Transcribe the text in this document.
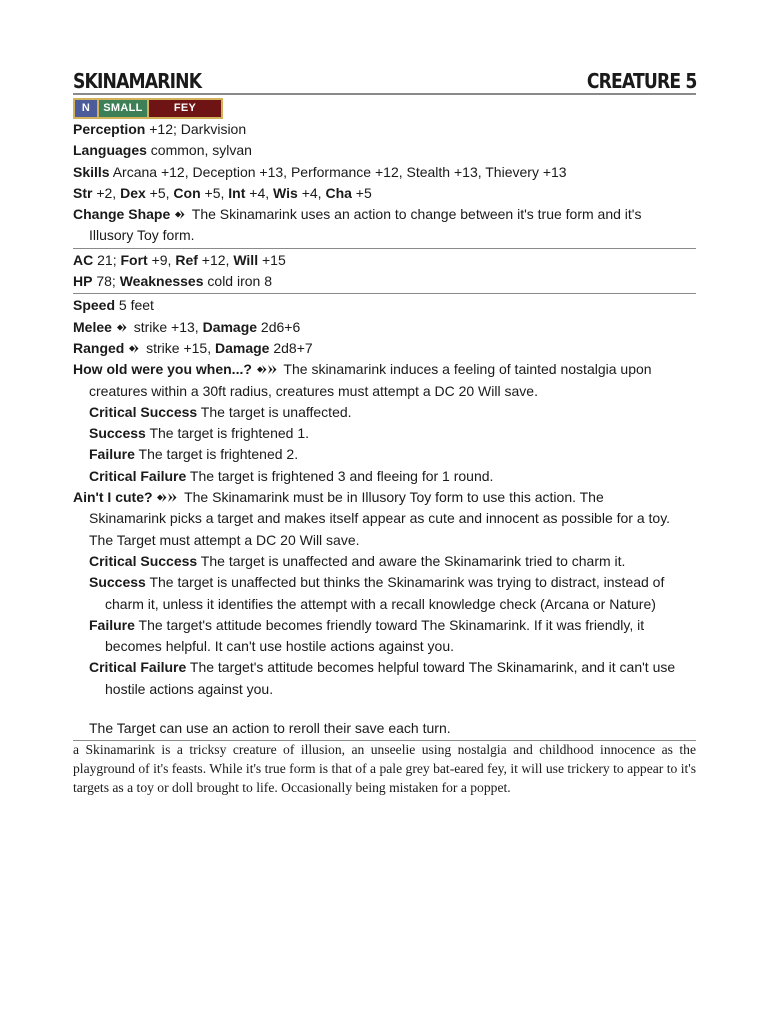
SKINAMARINK	CREATURE 5
N	SMALL	FEY
Perception +12; Darkvision
Languages common, sylvan
Skills Arcana +12, Deception +13, Performance +12, Stealth +13, Thievery +13
Str +2, Dex +5, Con +5, Int +4, Wis +4, Cha +5
Change Shape  The Skinamarink uses an action to change between it's true form and it's
Illusory Toy form.
AC 21; Fort +9, Ref +12, Will +15
HP 78; Weaknesses cold iron 8
Speed 5 feet
Melee  strike +13, Damage 2d6+6
Ranged  strike +15, Damage 2d8+7
How old were you when...?  The skinamarink induces a feeling of tainted nostalgia upon
creatures within a 30ft radius, creatures must attempt a DC 20 Will save.
Critical Success The target is unaffected.
Success The target is frightened 1.
Failure The target is frightened 2.
Critical Failure The target is frightened 3 and fleeing for 1 round.
Ain't I cute?  The Skinamarink must be in Illusory Toy form to use this action. The
Skinamarink picks a target and makes itself appear as cute and innocent as possible for a toy.
The Target must attempt a DC 20 Will save.
Critical Success The target is unaffected and aware the Skinamarink tried to charm it.
Success The target is unaffected but thinks the Skinamarink was trying to distract, instead of
charm it, unless it identifies the attempt with a recall knowledge check (Arcana or Nature)
Failure The target's attitude becomes friendly toward The Skinamarink. If it was friendly, it
becomes helpful. It can't use hostile actions against you.
Critical Failure The target's attitude becomes helpful toward The Skinamarink, and it can't use
hostile actions against you.
The Target can use an action to reroll their save each turn.
a Skinamarink is a tricksy creature of illusion, an unseelie using nostalgia and childhood innocence as the playground of it's feasts. While it's true form is that of a pale grey bat-eared fey, it will use trickery to appear to it's targets as a toy or doll brought to life. Occasionally being mistaken for a poppet.
